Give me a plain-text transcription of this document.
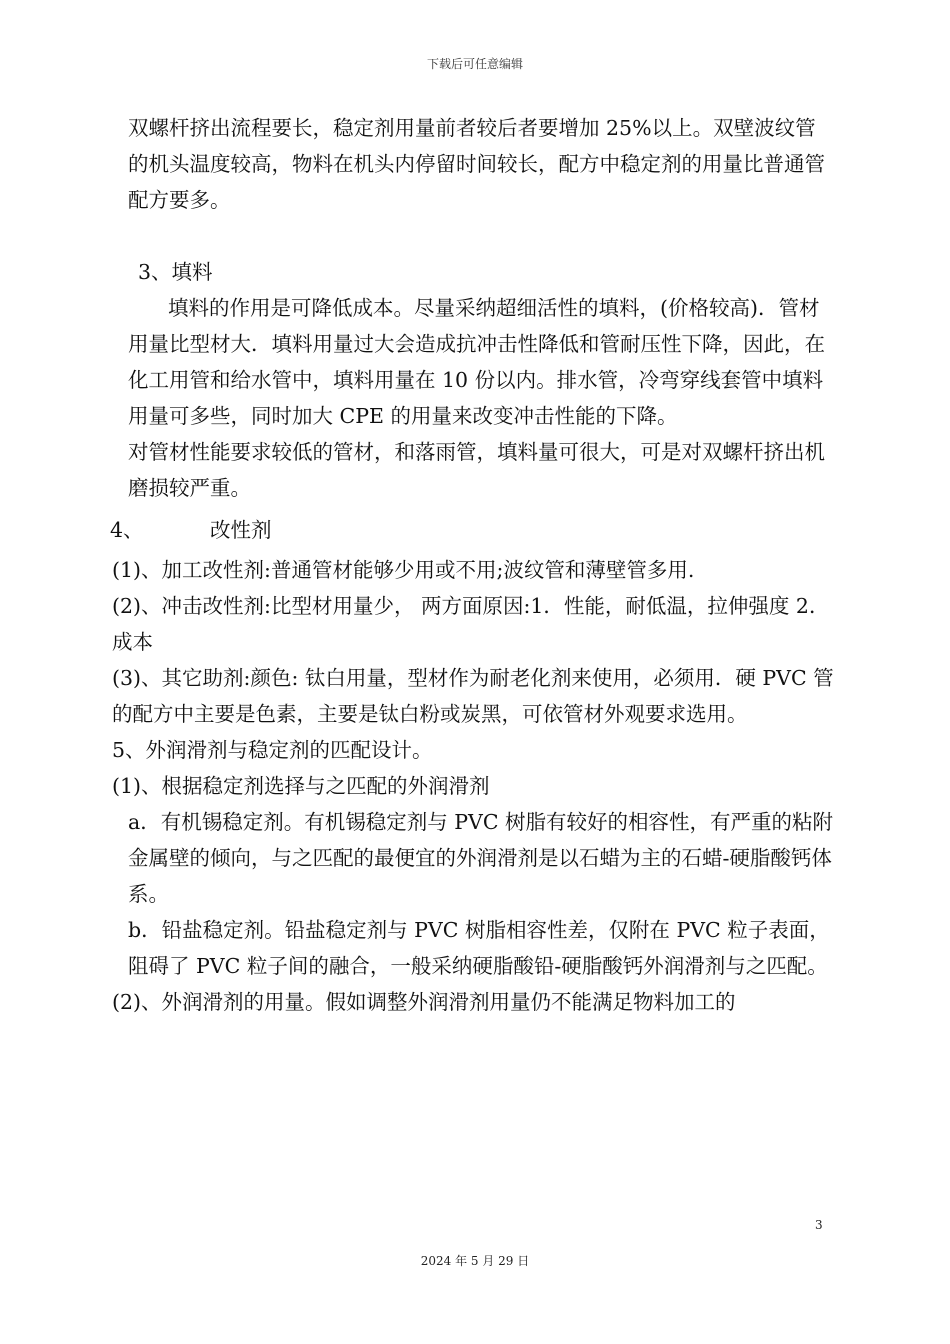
下载后可任意编辑

双螺杆挤出流程要长，稳定剂用量前者较后者要增加 25%以上。双壁波纹管的机头温度较高，物料在机头内停留时间较长，配方中稳定剂的用量比普通管配方要多。

3、填料

填料的作用是可降低成本。尽量采纳超细活性的填料，(价格较高)．管材用量比型材大．填料用量过大会造成抗冲击性降低和管耐压性下降，因此，在化工用管和给水管中，填料用量在 10 份以内。排水管，冷弯穿线套管中填料用量可多些，同时加大 CPE 的用量来改变冲击性能的下降。

对管材性能要求较低的管材，和落雨管，填料量可很大，可是对双螺杆挤出机磨损较严重。

4、	改性剂

(1)、加工改性剂:普通管材能够少用或不用;波纹管和薄壁管多用.

(2)、冲击改性剂:比型材用量少， 两方面原因:1．性能，耐低温，拉伸强度 2．成本

(3)、其它助剂:颜色: 钛白用量，型材作为耐老化剂来使用，必须用．硬 PVC 管的配方中主要是色素，主要是钛白粉或炭黑，可依管材外观要求选用。

5、外润滑剂与稳定剂的匹配设计。

(1)、根据稳定剂选择与之匹配的外润滑剂

a．有机锡稳定剂。有机锡稳定剂与 PVC 树脂有较好的相容性，有严重的粘附金属壁的倾向，与之匹配的最便宜的外润滑剂是以石蜡为主的石蜡-硬脂酸钙体系。

b．铅盐稳定剂。铅盐稳定剂与 PVC 树脂相容性差，仅附在 PVC 粒子表面，阻碍了 PVC 粒子间的融合，一般采纳硬脂酸铅-硬脂酸钙外润滑剂与之匹配。

(2)、外润滑剂的用量。假如调整外润滑剂用量仍不能满足物料加工的

3
2024 年 5 月 29 日
